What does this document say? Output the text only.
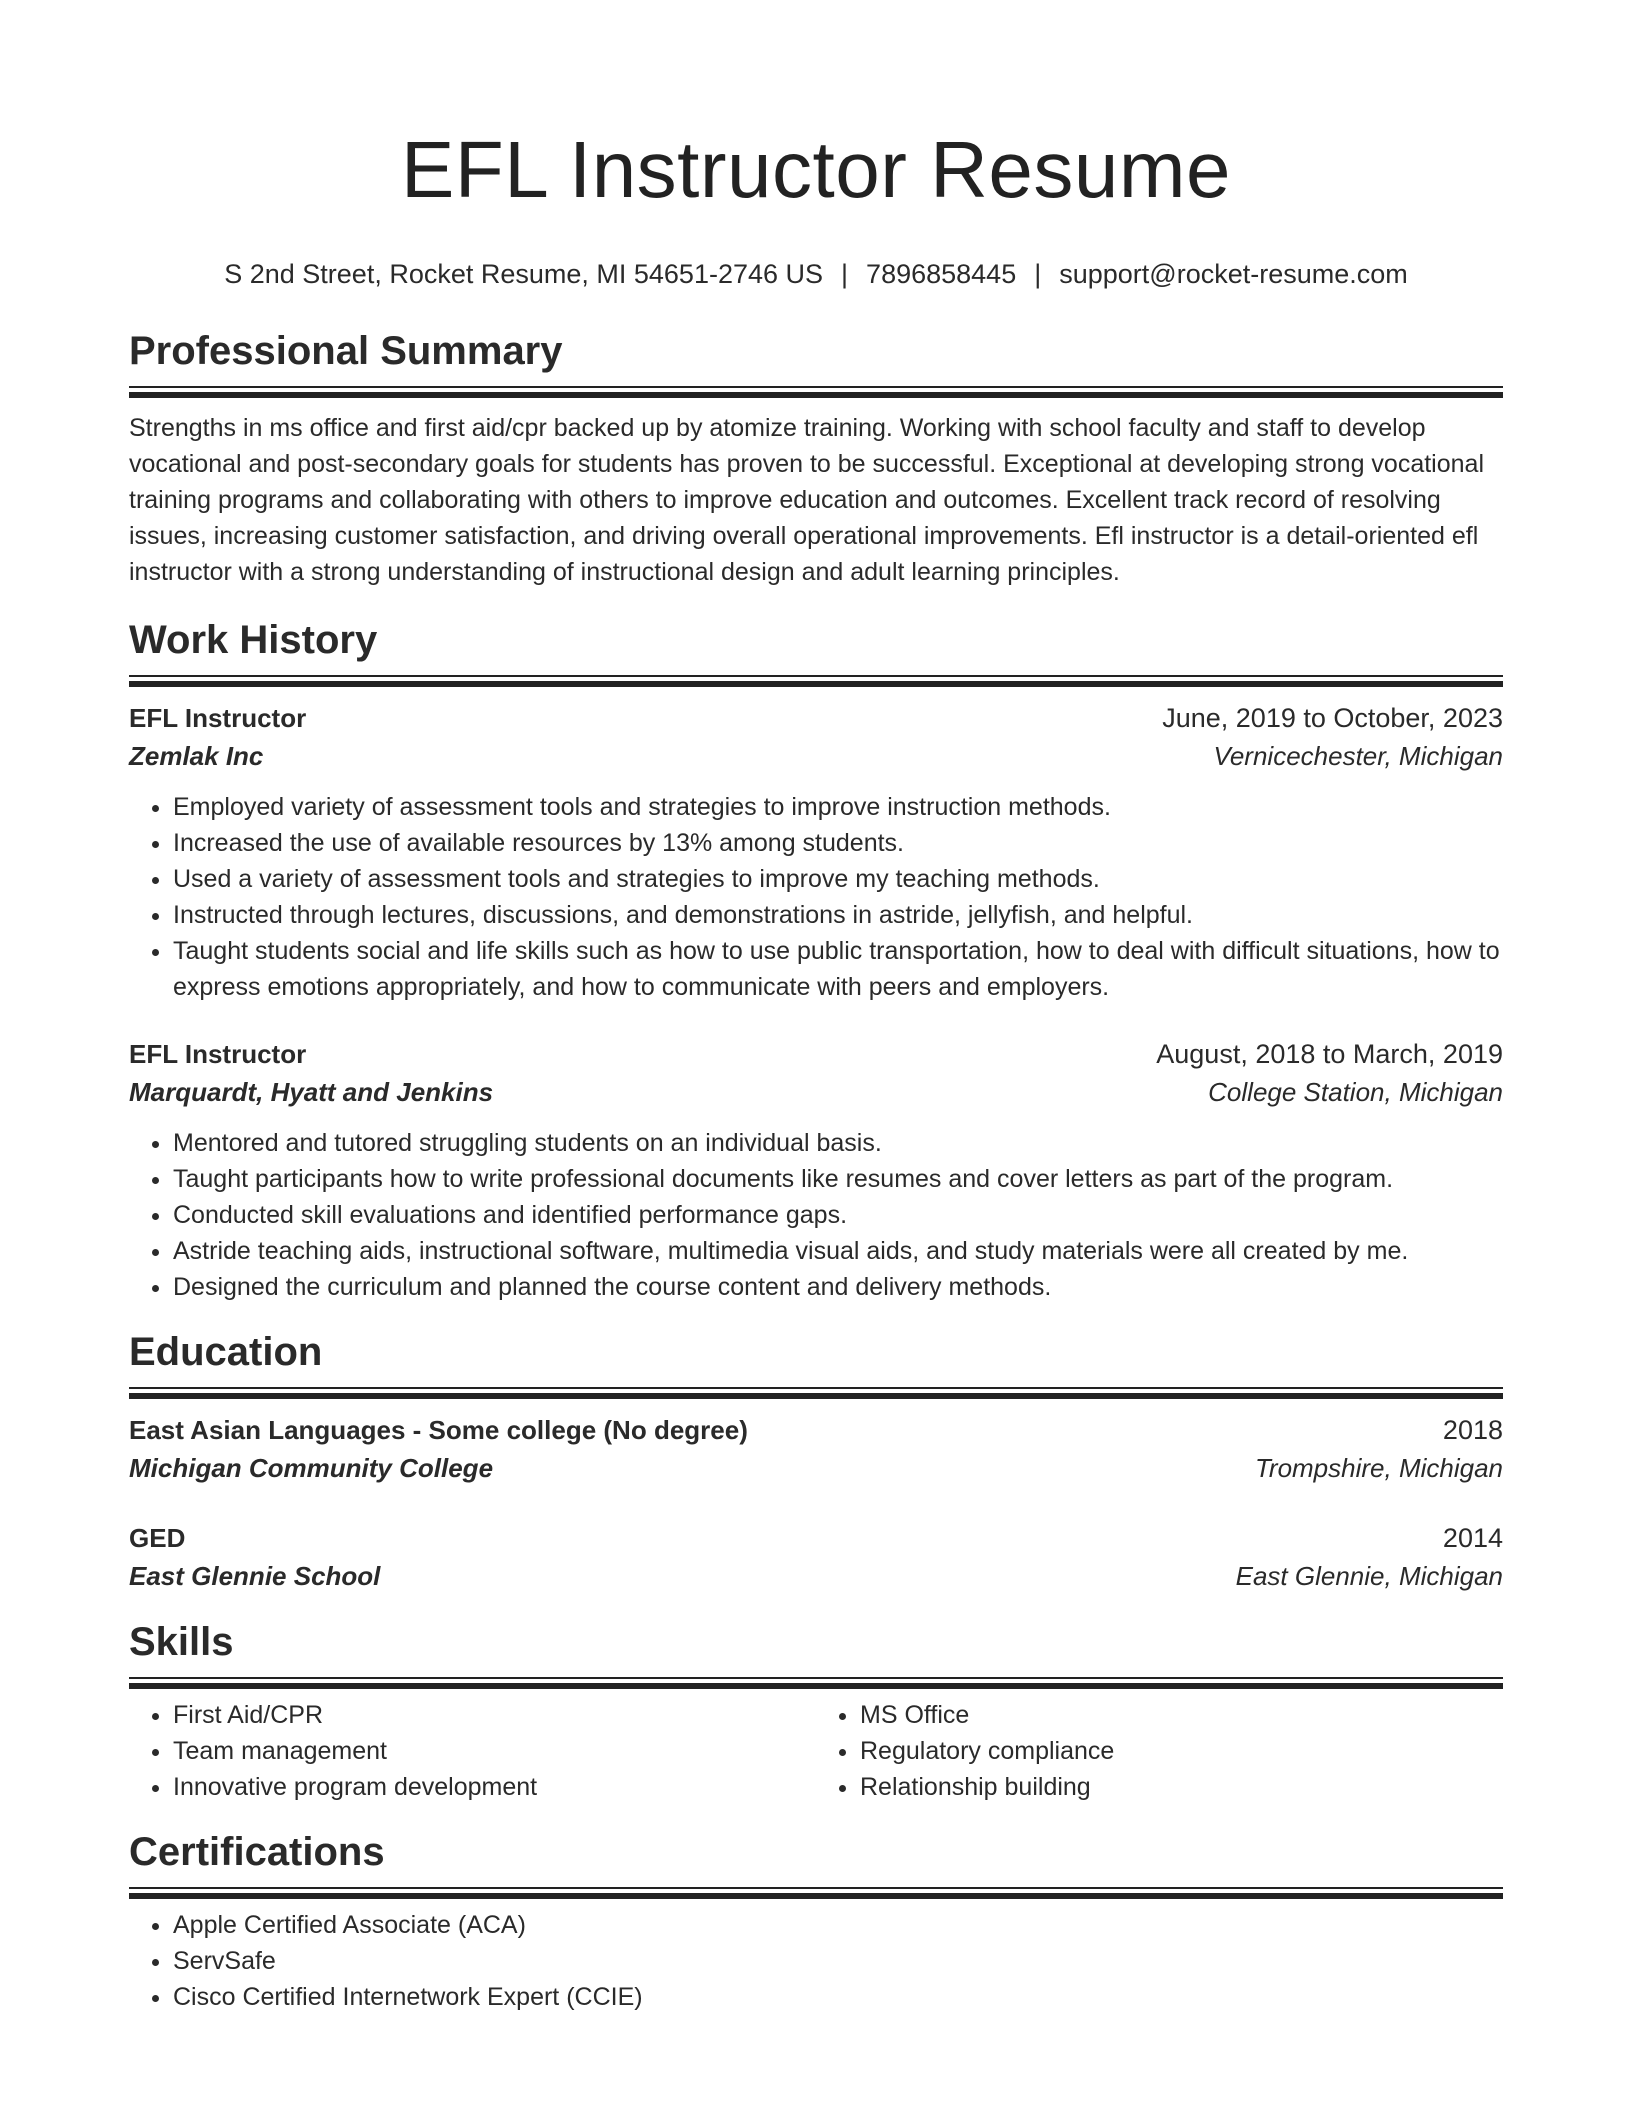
EFL Instructor Resume
S 2nd Street, Rocket Resume, MI 54651-2746 US | 7896858445 | support@rocket-resume.com
Professional Summary

Strengths in ms office and first aid/cpr backed up by atomize training. Working with school faculty and staff to develop vocational and post-secondary goals for students has proven to be successful. Exceptional at developing strong vocational training programs and collaborating with others to improve education and outcomes. Excellent track record of resolving issues, increasing customer satisfaction, and driving overall operational improvements. Efl instructor is a detail-oriented efl instructor with a strong understanding of instructional design and adult learning principles.

Work History
EFL Instructor	June, 2019 to October, 2023
Zemlak Inc	Vernicechester, Michigan
• Employed variety of assessment tools and strategies to improve instruction methods.
• Increased the use of available resources by 13% among students.
• Used a variety of assessment tools and strategies to improve my teaching methods.
• Instructed through lectures, discussions, and demonstrations in astride, jellyfish, and helpful.
• Taught students social and life skills such as how to use public transportation, how to deal with difficult situations, how to express emotions appropriately, and how to communicate with peers and employers.
EFL Instructor	August, 2018 to March, 2019
Marquardt, Hyatt and Jenkins	College Station, Michigan
• Mentored and tutored struggling students on an individual basis.
• Taught participants how to write professional documents like resumes and cover letters as part of the program.
• Conducted skill evaluations and identified performance gaps.
• Astride teaching aids, instructional software, multimedia visual aids, and study materials were all created by me.
• Designed the curriculum and planned the course content and delivery methods.
Education
East Asian Languages - Some college (No degree)	2018
Michigan Community College	Trompshire, Michigan
GED	2014
East Glennie School	East Glennie, Michigan
Skills
• First Aid/CPR
• Team management
• Innovative program development
• MS Office
• Regulatory compliance
• Relationship building
Certifications
• Apple Certified Associate (ACA)
• ServSafe
• Cisco Certified Internetwork Expert (CCIE)
